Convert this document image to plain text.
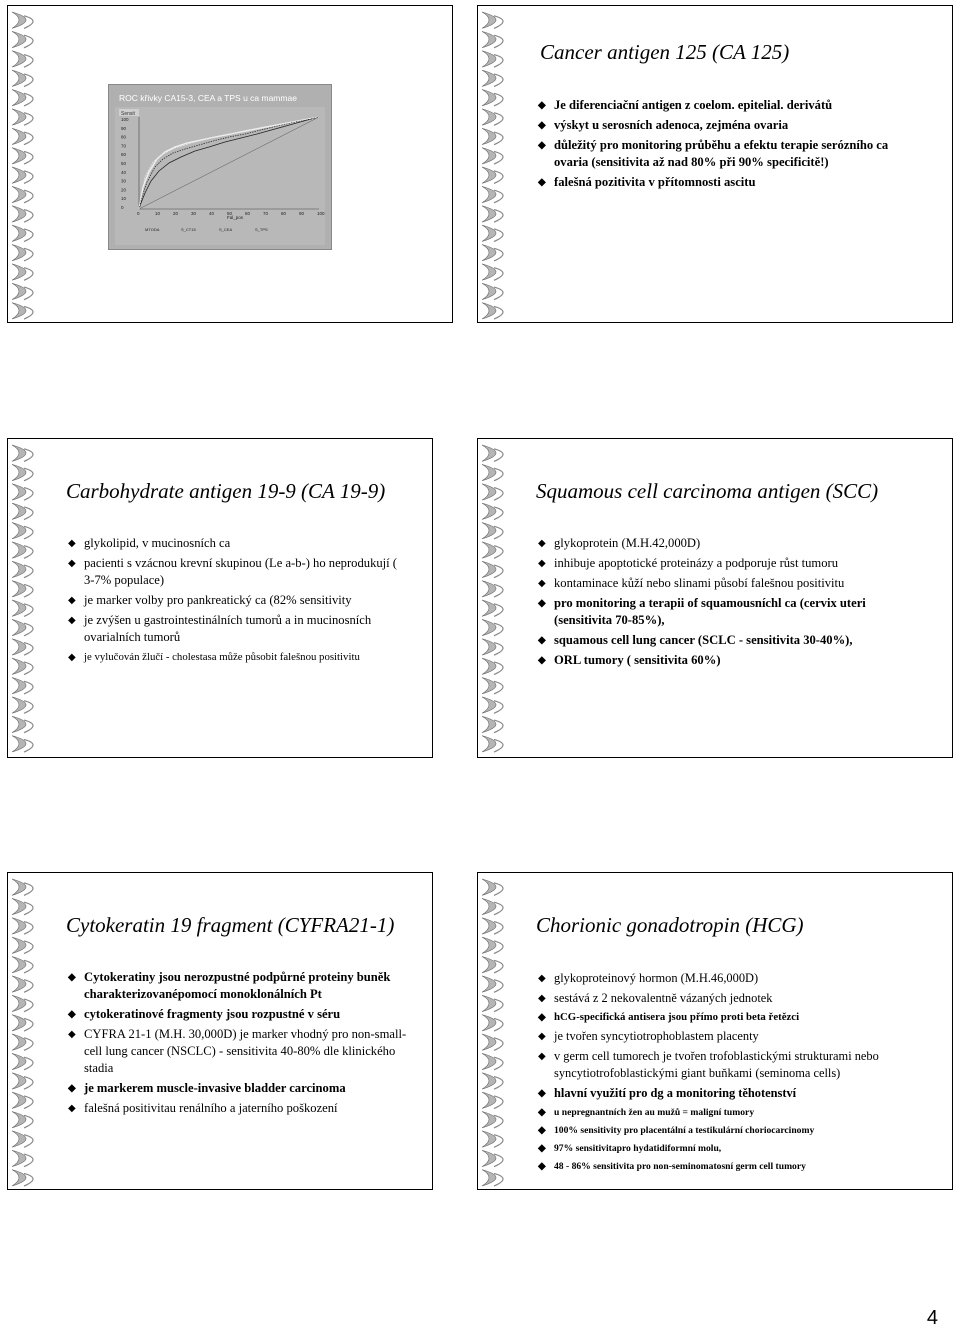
ROC křivky CA15-3, CEA a TPS u ca mammae
Sensit
100
90
80
70
60
50
40
30
20
10
0
0	10	20	30	40	50	60	70	80	90	100
Fal_pos
MTODA	S_CT15	S_CEA	S_TPS
Cancer antigen 125 (CA 125)
◆ Je diferenciační antigen z coelom. epitelial. derivátů
◆ výskyt u serosních adenoca, zejména ovaria
◆ důležitý pro monitoring průběhu a efektu terapie serózního ca ovaria (sensitivita až nad 80% při 90% specificitě!)
◆ falešná pozitivita v přítomnosti ascitu
Carbohydrate antigen 19-9 (CA 19-9)
◆ glykolipid, v mucinosních ca
◆ pacienti s vzácnou krevní skupinou (Le a-b-) ho neprodukují ( 3-7% populace)
◆ je marker volby pro pankreatický ca (82% sensitivity
◆ je zvýšen u gastrointestinálních tumorů a in mucinosních ovarialních tumorů
◆ je vylučován žlučí - cholestasa může působit falešnou positivitu
Squamous cell carcinoma antigen (SCC)
◆ glykoprotein (M.H.42,000D)
◆ inhibuje apoptotické proteinázy a podporuje růst tumoru
◆ kontaminace kůží nebo slinami působí falešnou positivitu
◆ pro monitoring a terapii of squamousníchl ca (cervix uteri (sensitivita 70-85%),
◆ squamous cell lung cancer (SCLC - sensitivita 30-40%),
◆ ORL tumory ( sensitivita 60%)
Cytokeratin 19 fragment (CYFRA21-1)
◆ Cytokeratiny jsou nerozpustné podpůrné proteiny buněk charakterizovanépomocí monoklonálních Pt
◆ cytokeratinové fragmenty jsou rozpustné v séru
◆ CYFRA 21-1 (M.H. 30,000D) je marker vhodný pro non-small-cell lung cancer (NSCLC) - sensitivita 40-80% dle klinického stadia
◆ je markerem muscle-invasive bladder carcinoma
◆ falešná positivitau renálního a jaterního poškození
Chorionic gonadotropin (HCG)
◆ glykoproteinový hormon (M.H.46,000D)
◆ sestává z 2 nekovalentně vázaných jednotek
◆ hCG-specifická antisera jsou přímo proti beta řetězci
◆ je tvořen syncytiotrophoblastem placenty
◆ v germ cell tumorech je tvořen trofoblastickými strukturami nebo syncytiotrofoblastickými giant buňkami (seminoma cells)
◆ hlavní využití pro dg a monitoring těhotenství
◆ u nepregnantních žen au mužů = maligní tumory
◆ 100% sensitivity pro placentální a testikulární choriocarcinomy
◆ 97% sensitivitapro hydatidiformní molu,
◆ 48 - 86% sensitivita pro non-seminomatosní germ cell tumory
4
